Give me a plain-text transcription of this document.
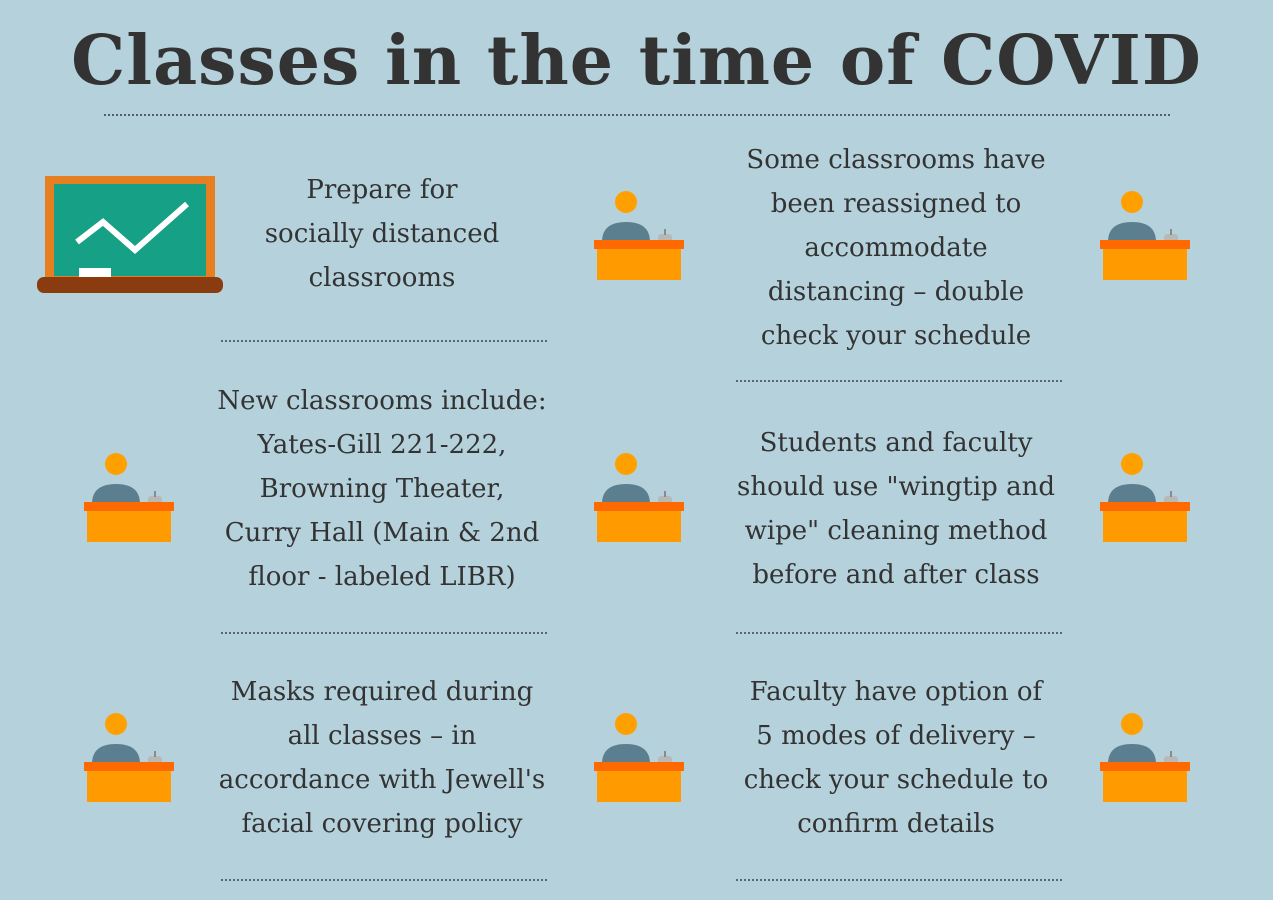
Classes in the time of COVID
Prepare for
socially distanced
classrooms
Some classrooms have
been reassigned to
accommodate
distancing – double
check your schedule
New classrooms include:
Yates-Gill 221-222,
Browning Theater,
Curry Hall (Main & 2nd
floor - labeled LIBR)
Students and faculty
should use "wingtip and
wipe" cleaning method
before and after class
Masks required during
all classes – in
accordance with Jewell's
facial covering policy
Faculty have option of
5 modes of delivery –
check your schedule to
confirm details
